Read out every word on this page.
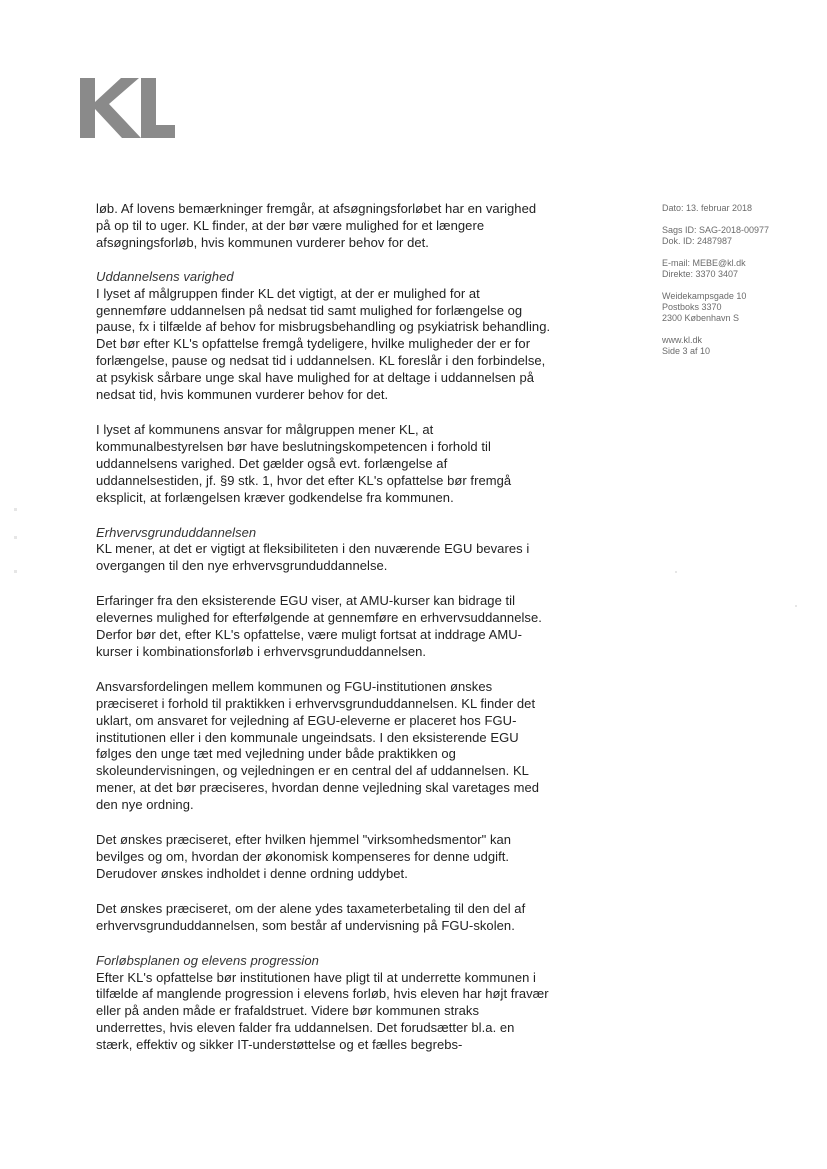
Dato: 13. februar 2018
Sags ID: SAG-2018-00977
Dok. ID: 2487987
E-mail: MEBE@kl.dk
Direkte: 3370 3407
Weidekampsgade 10
Postboks 3370
2300 København S
www.kl.dk
Side 3 af 10

løb. Af lovens bemærkninger fremgår, at afsøgningsforløbet har en varighed på op til to uger. KL finder, at der bør være mulighed for et længere afsøgningsforløb, hvis kommunen vurderer behov for det.

Uddannelsens varighed

I lyset af målgruppen finder KL det vigtigt, at der er mulighed for at gennemføre uddannelsen på nedsat tid samt mulighed for forlængelse og pause, fx i tilfælde af behov for misbrugsbehandling og psykiatrisk behandling. Det bør efter KL's opfattelse fremgå tydeligere, hvilke muligheder der er for forlængelse, pause og nedsat tid i uddannelsen. KL foreslår i den forbindelse, at psykisk sårbare unge skal have mulighed for at deltage i uddannelsen på nedsat tid, hvis kommunen vurderer behov for det.

I lyset af kommunens ansvar for målgruppen mener KL, at kommunalbestyrelsen bør have beslutningskompetencen i forhold til uddannelsens varighed. Det gælder også evt. forlængelse af uddannelsestiden, jf. §9 stk. 1, hvor det efter KL's opfattelse bør fremgå eksplicit, at forlængelsen kræver godkendelse fra kommunen.

Erhvervsgrunduddannelsen

KL mener, at det er vigtigt at fleksibiliteten i den nuværende EGU bevares i overgangen til den nye erhvervsgrunduddannelse.

Erfaringer fra den eksisterende EGU viser, at AMU-kurser kan bidrage til elevernes mulighed for efterfølgende at gennemføre en erhvervsuddannelse. Derfor bør det, efter KL's opfattelse, være muligt fortsat at inddrage AMU-kurser i kombinationsforløb i erhvervsgrunduddannelsen.

Ansvarsfordelingen mellem kommunen og FGU-institutionen ønskes præciseret i forhold til praktikken i erhvervsgrunduddannelsen. KL finder det uklart, om ansvaret for vejledning af EGU-eleverne er placeret hos FGU-institutionen eller i den kommunale ungeindsats. I den eksisterende EGU følges den unge tæt med vejledning under både praktikken og skoleundervisningen, og vejledningen er en central del af uddannelsen. KL mener, at det bør præciseres, hvordan denne vejledning skal varetages med den nye ordning.

Det ønskes præciseret, efter hvilken hjemmel "virksomhedsmentor" kan bevilges og om, hvordan der økonomisk kompenseres for denne udgift. Derudover ønskes indholdet i denne ordning uddybet.

Det ønskes præciseret, om der alene ydes taxameterbetaling til den del af erhvervsgrunduddannelsen, som består af undervisning på FGU-skolen.

Forløbsplanen og elevens progression

Efter KL's opfattelse bør institutionen have pligt til at underrette kommunen i tilfælde af manglende progression i elevens forløb, hvis eleven har højt fravær eller på anden måde er frafaldstruet. Videre bør kommunen straks underrettes, hvis eleven falder fra uddannelsen. Det forudsætter bl.a. en stærk, effektiv og sikker IT-understøttelse og et fælles begrebs-
